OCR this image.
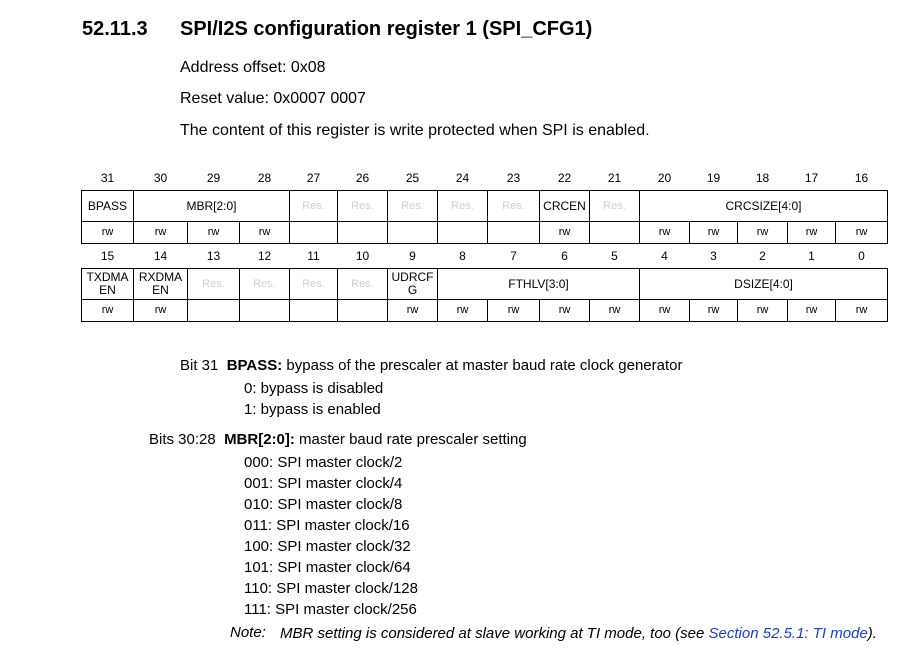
52.11.3 SPI/I2S configuration register 1 (SPI_CFG1)
Address offset: 0x08
Reset value: 0x0007 0007
The content of this register is write protected when SPI is enabled.
31	30	29	28	27	26	25	24	23	22	21	20	19	18	17	16
BPASS	MBR[2:0]			Res.	Res.	Res.	Res.	Res.	CRCEN	Res.	CRCSIZE[4:0]				
rw	rw	rw	rw						rw		rw	rw	rw	rw	rw
15	14	13	12	11	10	9	8	7	6	5	4	3	2	1	0
TXDMA EN	RXDMA EN	Res.	Res.	Res.	Res.	UDRCF G	FTHLV[3:0]				DSIZE[4:0]				
rw	rw					rw	rw	rw	rw	rw	rw	rw	rw	rw	rw
Bit 31 BPASS: bypass of the prescaler at master baud rate clock generator
0: bypass is disabled
1: bypass is enabled
Bits 30:28 MBR[2:0]: master baud rate prescaler setting
000: SPI master clock/2
001: SPI master clock/4
010: SPI master clock/8
011: SPI master clock/16
100: SPI master clock/32
101: SPI master clock/64
110: SPI master clock/128
111: SPI master clock/256
Note: MBR setting is considered at slave working at TI mode, too (see Section 52.5.1: TI mode).
